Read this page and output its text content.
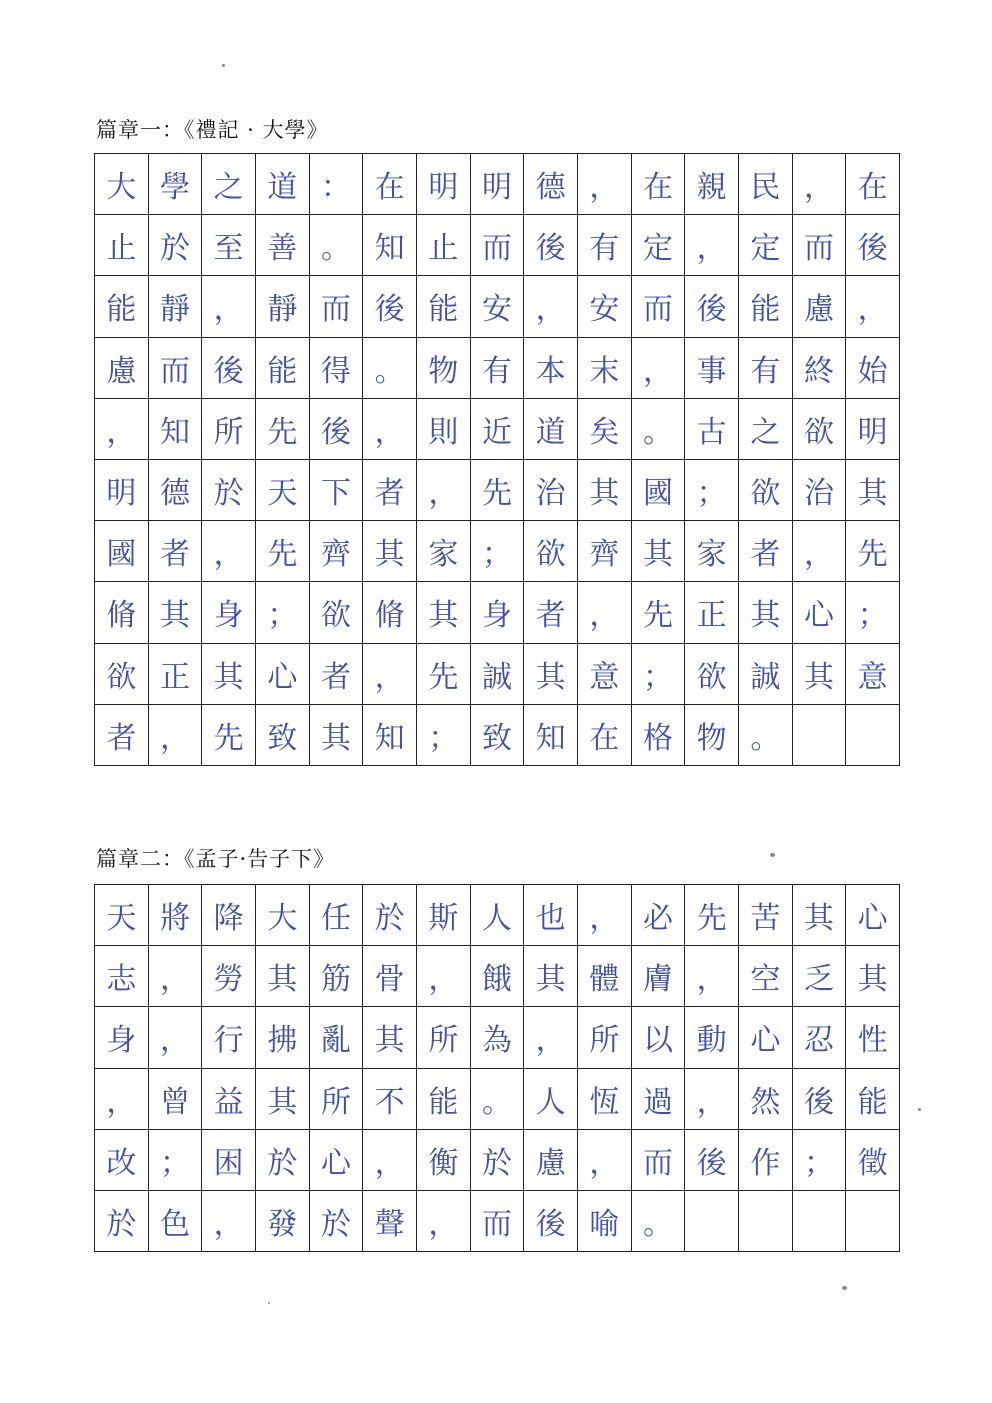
篇章一：《禮記 · 大學》
大 學 之 道 ： 在 明 明 德 ， 在 親 民 ， 在
止 於 至 善 。 知 止 而 後 有 定 ， 定 而 後
能 靜 ， 靜 而 後 能 安 ， 安 而 後 能 慮 ，
慮 而 後 能 得 。 物 有 本 末 ， 事 有 終 始
， 知 所 先 後 ， 則 近 道 矣 。 古 之 欲 明
明 德 於 天 下 者 ， 先 治 其 國 ； 欲 治 其
國 者 ， 先 齊 其 家 ； 欲 齊 其 家 者 ， 先
脩 其 身 ； 欲 脩 其 身 者 ， 先 正 其 心 ；
欲 正 其 心 者 ， 先 誠 其 意 ； 欲 誠 其 意
者 ， 先 致 其 知 ； 致 知 在 格 物 。
篇章二：《孟子·告子下》
天 將 降 大 任 於 斯 人 也 ， 必 先 苦 其 心
志 ， 勞 其 筋 骨 ， 餓 其 體 膚 ， 空 乏 其
身 ， 行 拂 亂 其 所 為 ， 所 以 動 心 忍 性
， 曾 益 其 所 不 能 。 人 恆 過 ， 然 後 能
改 ； 困 於 心 ， 衡 於 慮 ， 而 後 作 ； 徵
於 色 ， 發 於 聲 ， 而 後 喻 。
